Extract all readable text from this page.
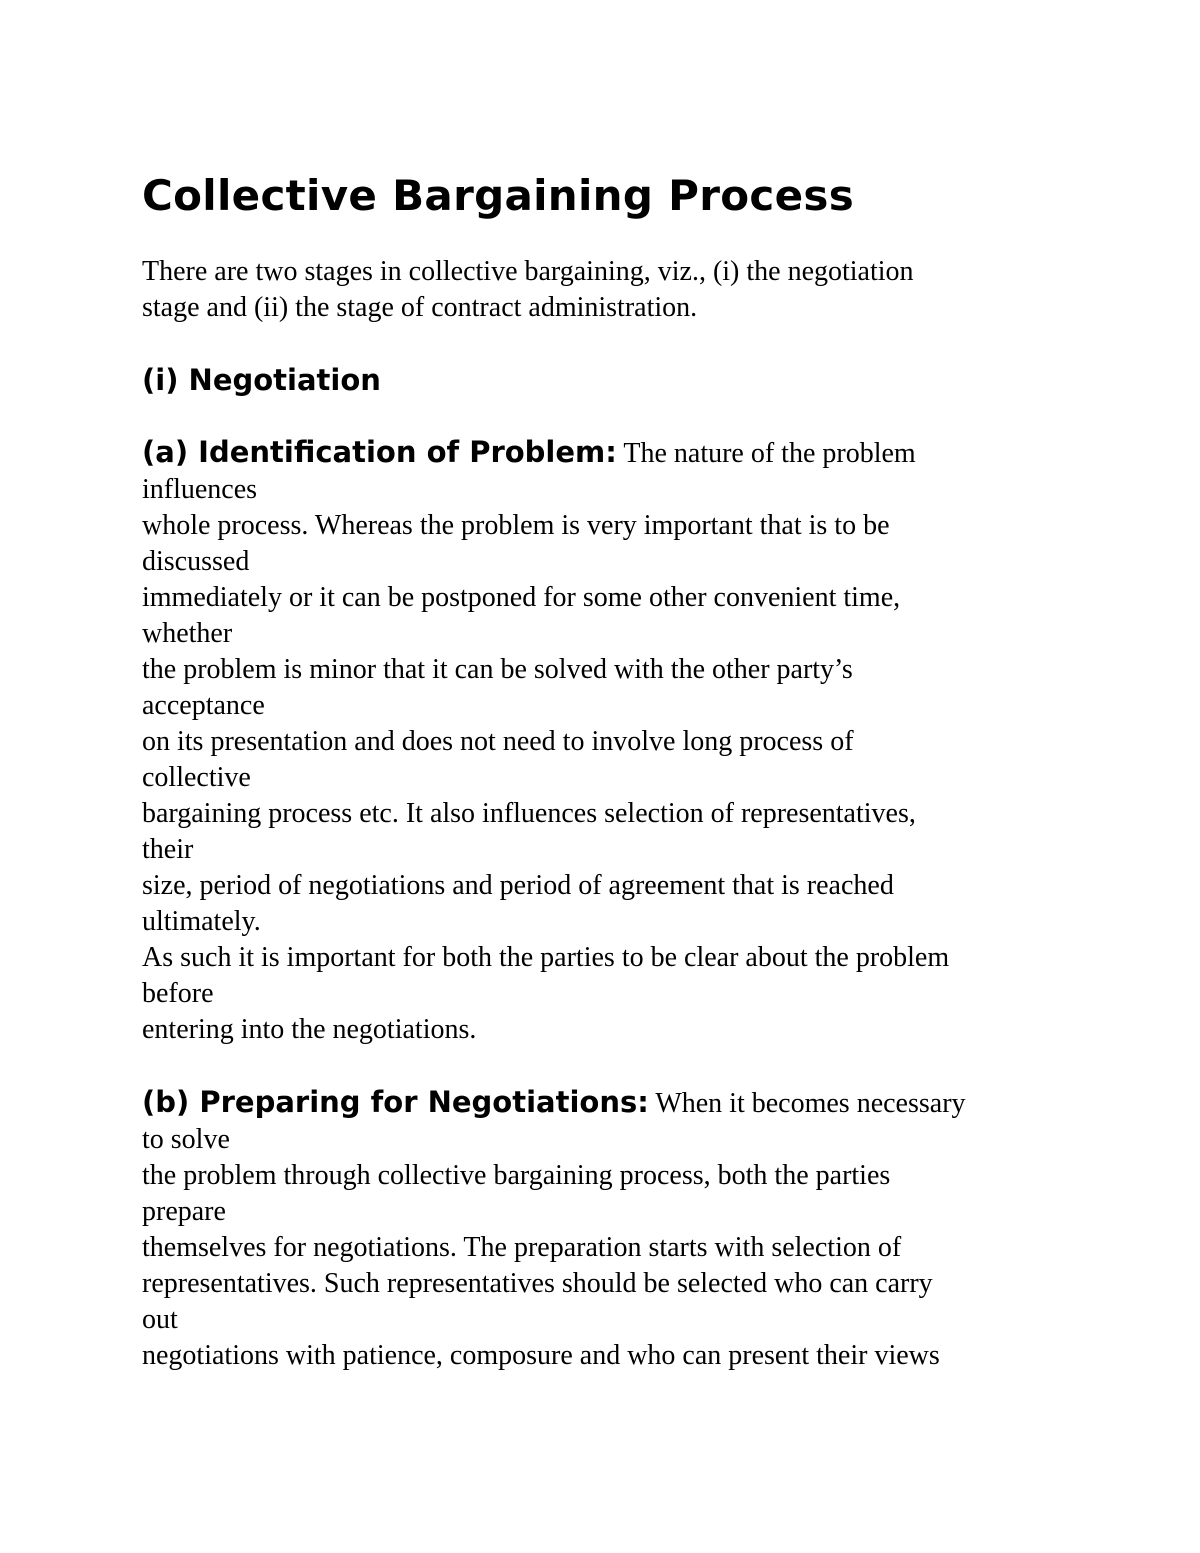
Collective Bargaining Process

There are two stages in collective bargaining, viz., (i) the negotiation
stage and (ii) the stage of contract administration.

(i) Negotiation
(a) Identification of Problem: The nature of the problem
influences
whole process. Whereas the problem is very important that is to be
discussed
immediately or it can be postponed for some other convenient time,
whether
the problem is minor that it can be solved with the other party’s
acceptance
on its presentation and does not need to involve long process of
collective
bargaining process etc. It also influences selection of representatives,
their
size, period of negotiations and period of agreement that is reached
ultimately.
As such it is important for both the parties to be clear about the problem
before
entering into the negotiations.
(b) Preparing for Negotiations: When it becomes necessary
to solve
the problem through collective bargaining process, both the parties
prepare
themselves for negotiations. The preparation starts with selection of
representatives. Such representatives should be selected who can carry
out
negotiations with patience, composure and who can present their views
